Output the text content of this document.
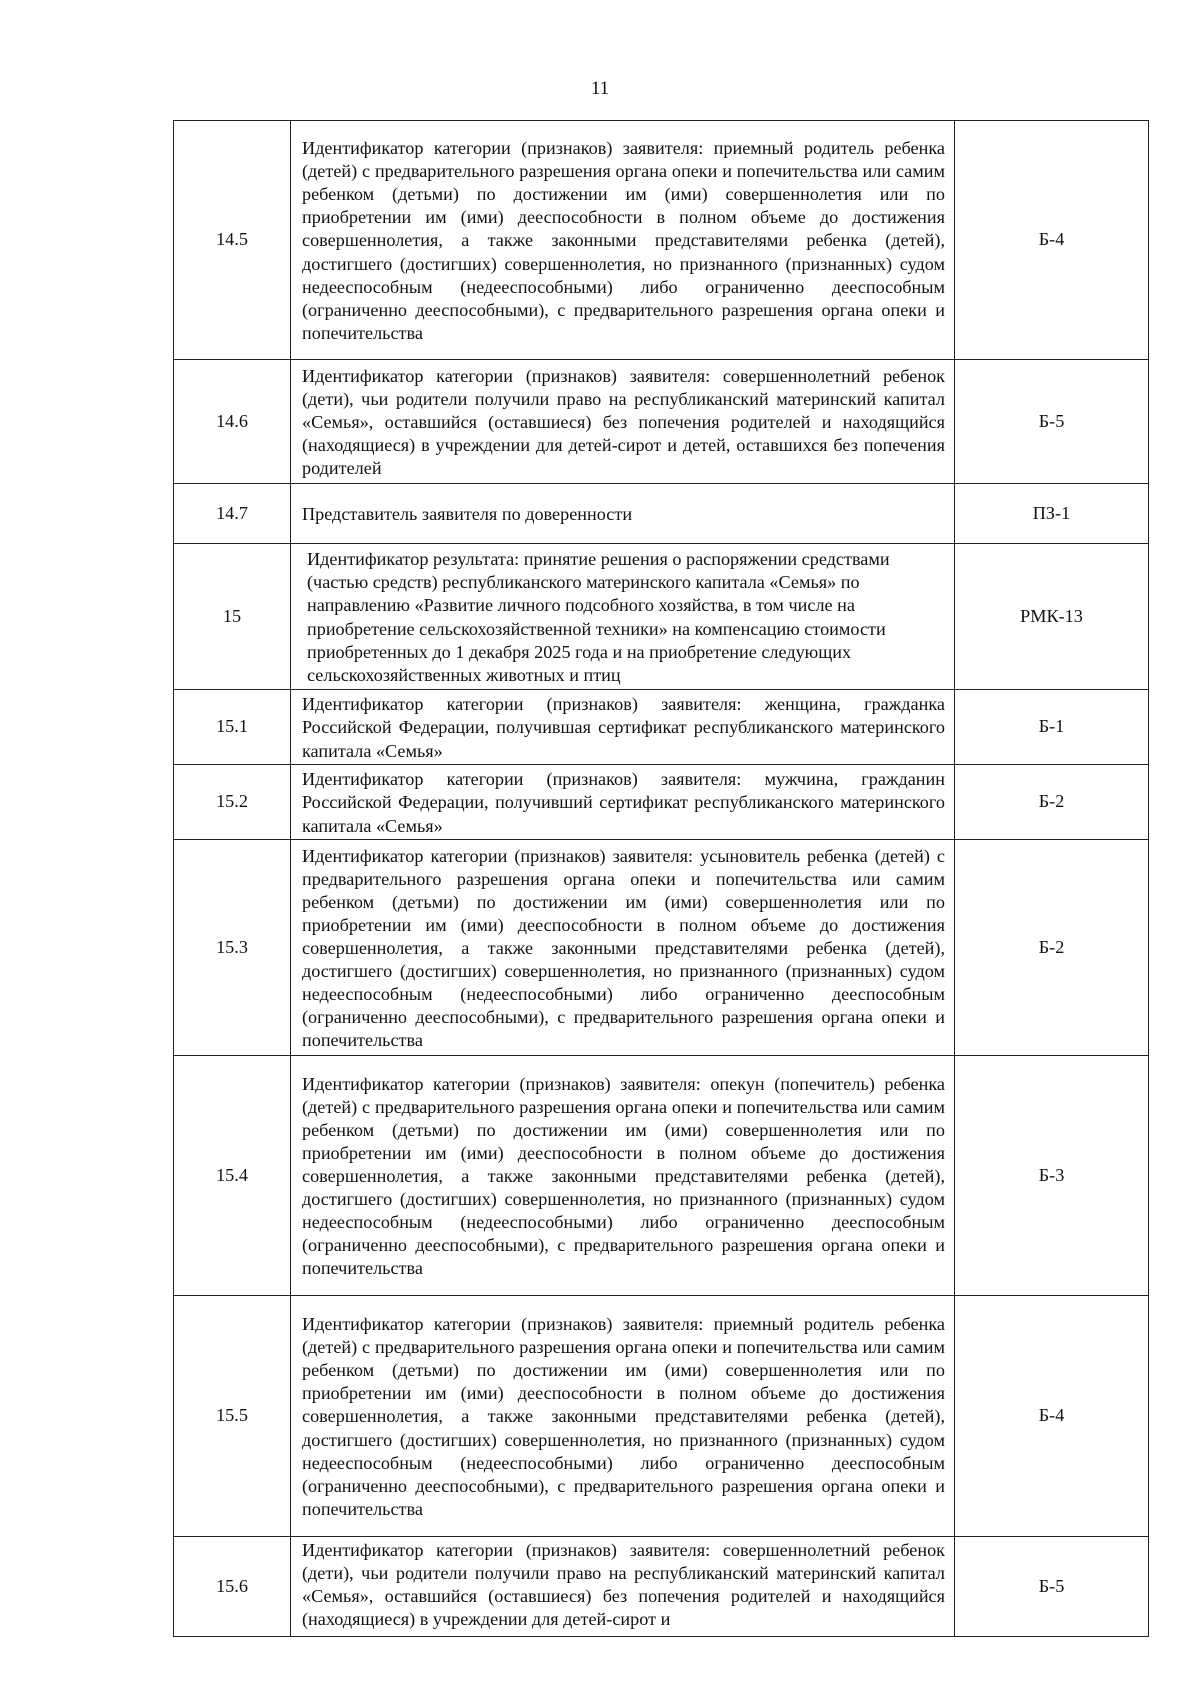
11
14.5	Идентификатор категории (признаков) заявителя: приемный родитель ребенка (детей) с предварительного разрешения органа опеки и попечительства или самим ребенком (детьми) по достижении им (ими) совершеннолетия или по приобретении им (ими) дееспособности в полном объеме до достижения совершеннолетия, а также законными представителями ребенка (детей), достигшего (достигших) совершеннолетия, но признанного (признанных) судом недееспособным (недееспособными) либо ограниченно дееспособным (ограниченно дееспособными), с предварительного разрешения органа опеки и попечительства	Б-4
14.6	Идентификатор категории (признаков) заявителя: совершеннолетний ребенок (дети), чьи родители получили право на республиканский материнский капитал «Семья», оставшийся (оставшиеся) без попечения родителей и находящийся (находящиеся) в учреждении для детей-сирот и детей, оставшихся без попечения родителей	Б-5
14.7	Представитель заявителя по доверенности	ПЗ-1
15	Идентификатор результата: принятие решения о распоряжении средствами (частью средств) республиканского материнского капитала «Семья» по направлению «Развитие личного подсобного хозяйства, в том числе на приобретение сельскохозяйственной техники» на компенсацию стоимости приобретенных до 1 декабря 2025 года и на приобретение следующих сельскохозяйственных животных и птиц	РМК-13
15.1	Идентификатор категории (признаков) заявителя: женщина, гражданка Российской Федерации, получившая сертификат республиканского материнского капитала «Семья»	Б-1
15.2	Идентификатор категории (признаков) заявителя: мужчина, гражданин Российской Федерации, получивший сертификат республиканского материнского капитала «Семья»	Б-2
15.3	Идентификатор категории (признаков) заявителя: усыновитель ребенка (детей) с предварительного разрешения органа опеки и попечительства или самим ребенком (детьми) по достижении им (ими) совершеннолетия или по приобретении им (ими) дееспособности в полном объеме до достижения совершеннолетия, а также законными представителями ребенка (детей), достигшего (достигших) совершеннолетия, но признанного (признанных) судом недееспособным (недееспособными) либо ограниченно дееспособным (ограниченно дееспособными), с предварительного разрешения органа опеки и попечительства	Б-2
15.4	Идентификатор категории (признаков) заявителя: опекун (попечитель) ребенка (детей) с предварительного разрешения органа опеки и попечительства или самим ребенком (детьми) по достижении им (ими) совершеннолетия или по приобретении им (ими) дееспособности в полном объеме до достижения совершеннолетия, а также законными представителями ребенка (детей), достигшего (достигших) совершеннолетия, но признанного (признанных) судом недееспособным (недееспособными) либо ограниченно дееспособным (ограниченно дееспособными), с предварительного разрешения органа опеки и попечительства	Б-3
15.5	Идентификатор категории (признаков) заявителя: приемный родитель ребенка (детей) с предварительного разрешения органа опеки и попечительства или самим ребенком (детьми) по достижении им (ими) совершеннолетия или по приобретении им (ими) дееспособности в полном объеме до достижения совершеннолетия, а также законными представителями ребенка (детей), достигшего (достигших) совершеннолетия, но признанного (признанных) судом недееспособным (недееспособными) либо ограниченно дееспособным (ограниченно дееспособными), с предварительного разрешения органа опеки и попечительства	Б-4
15.6	Идентификатор категории (признаков) заявителя: совершеннолетний ребенок (дети), чьи родители получили право на республиканский материнский капитал «Семья», оставшийся (оставшиеся) без попечения родителей и находящийся (находящиеся) в учреждении для детей-сирот и	Б-5
